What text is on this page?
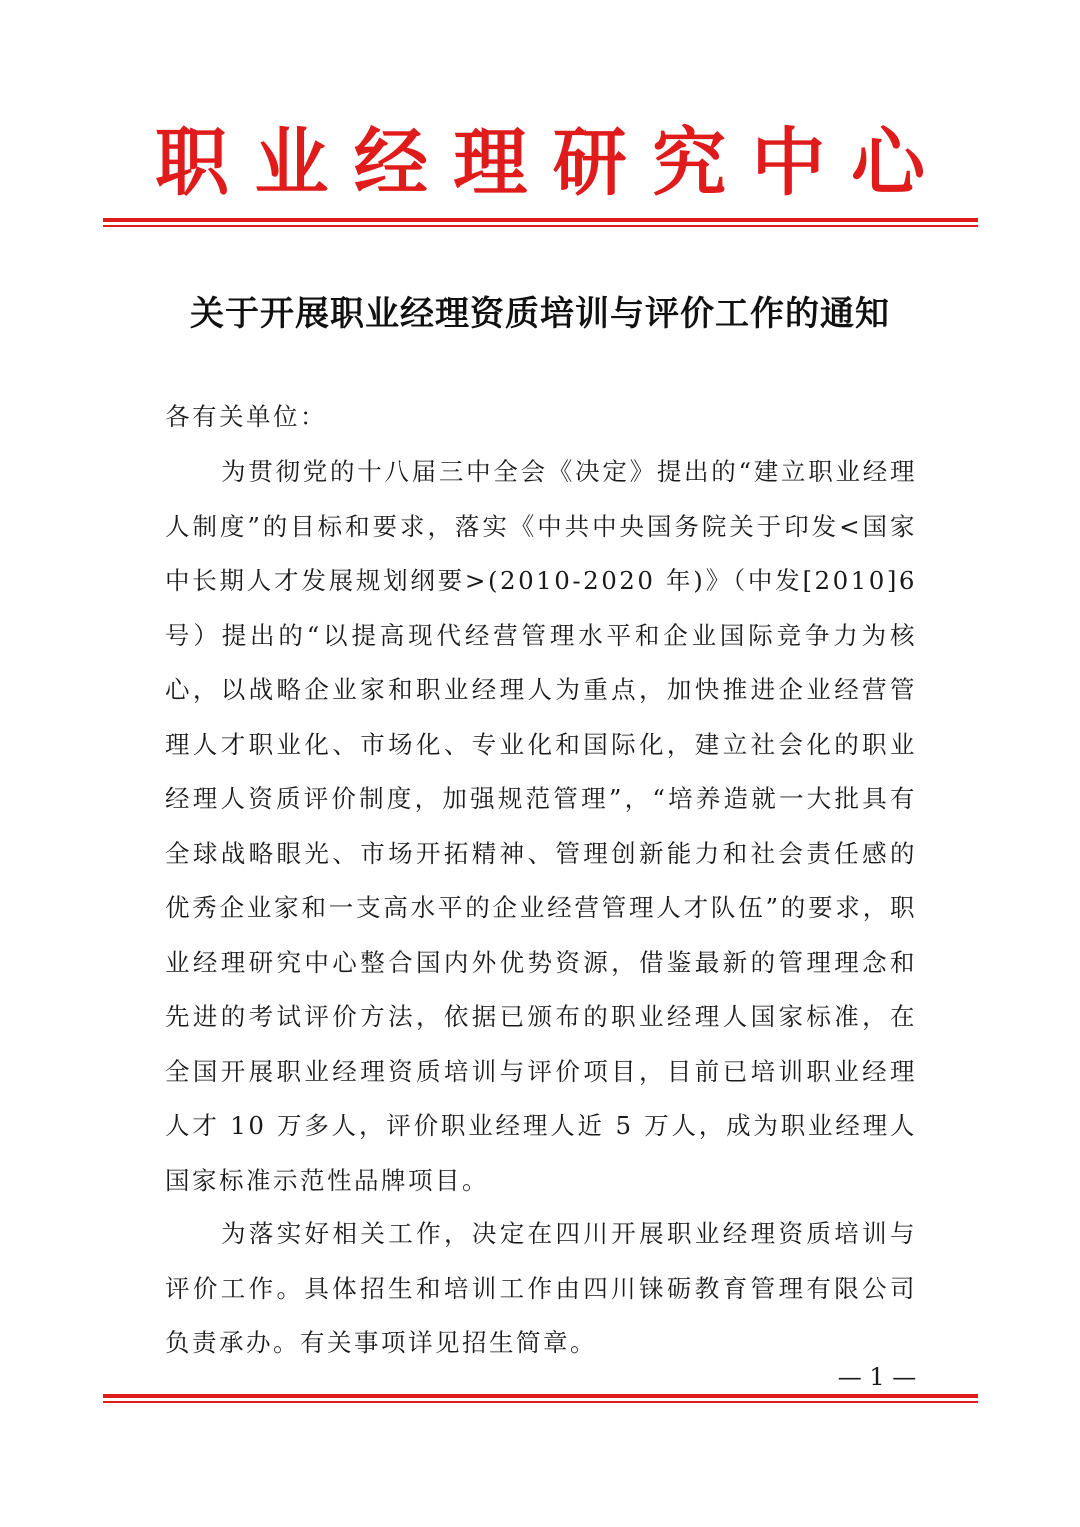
职 业 经 理 研 究 中 心
关于开展职业经理资质培训与评价工作的通知
各有关单位：
为贯彻党的十八届三中全会《决定》提出的“建立职业经理人制度”的目标和要求，落实《中共中央国务院关于印发<国家中长期人才发展规划纲要>(2010-2020 年)》（中发[2010]6 号）提出的“以提高现代经营管理水平和企业国际竞争力为核心，以战略企业家和职业经理人为重点，加快推进企业经营管理人才职业化、市场化、专业化和国际化，建立社会化的职业经理人资质评价制度，加强规范管理”，“培养造就一大批具有全球战略眼光、市场开拓精神、管理创新能力和社会责任感的优秀企业家和一支高水平的企业经营管理人才队伍”的要求，职业经理研究中心整合国内外优势资源，借鉴最新的管理理念和先进的考试评价方法，依据已颁布的职业经理人国家标准，在全国开展职业经理资质培训与评价项目，目前已培训职业经理人才 10 万多人，评价职业经理人近 5 万人，成为职业经理人国家标准示范性品牌项目。
为落实好相关工作，决定在四川开展职业经理资质培训与评价工作。具体招生和培训工作由四川铼砺教育管理有限公司负责承办。有关事项详见招生简章。
— 1 —
